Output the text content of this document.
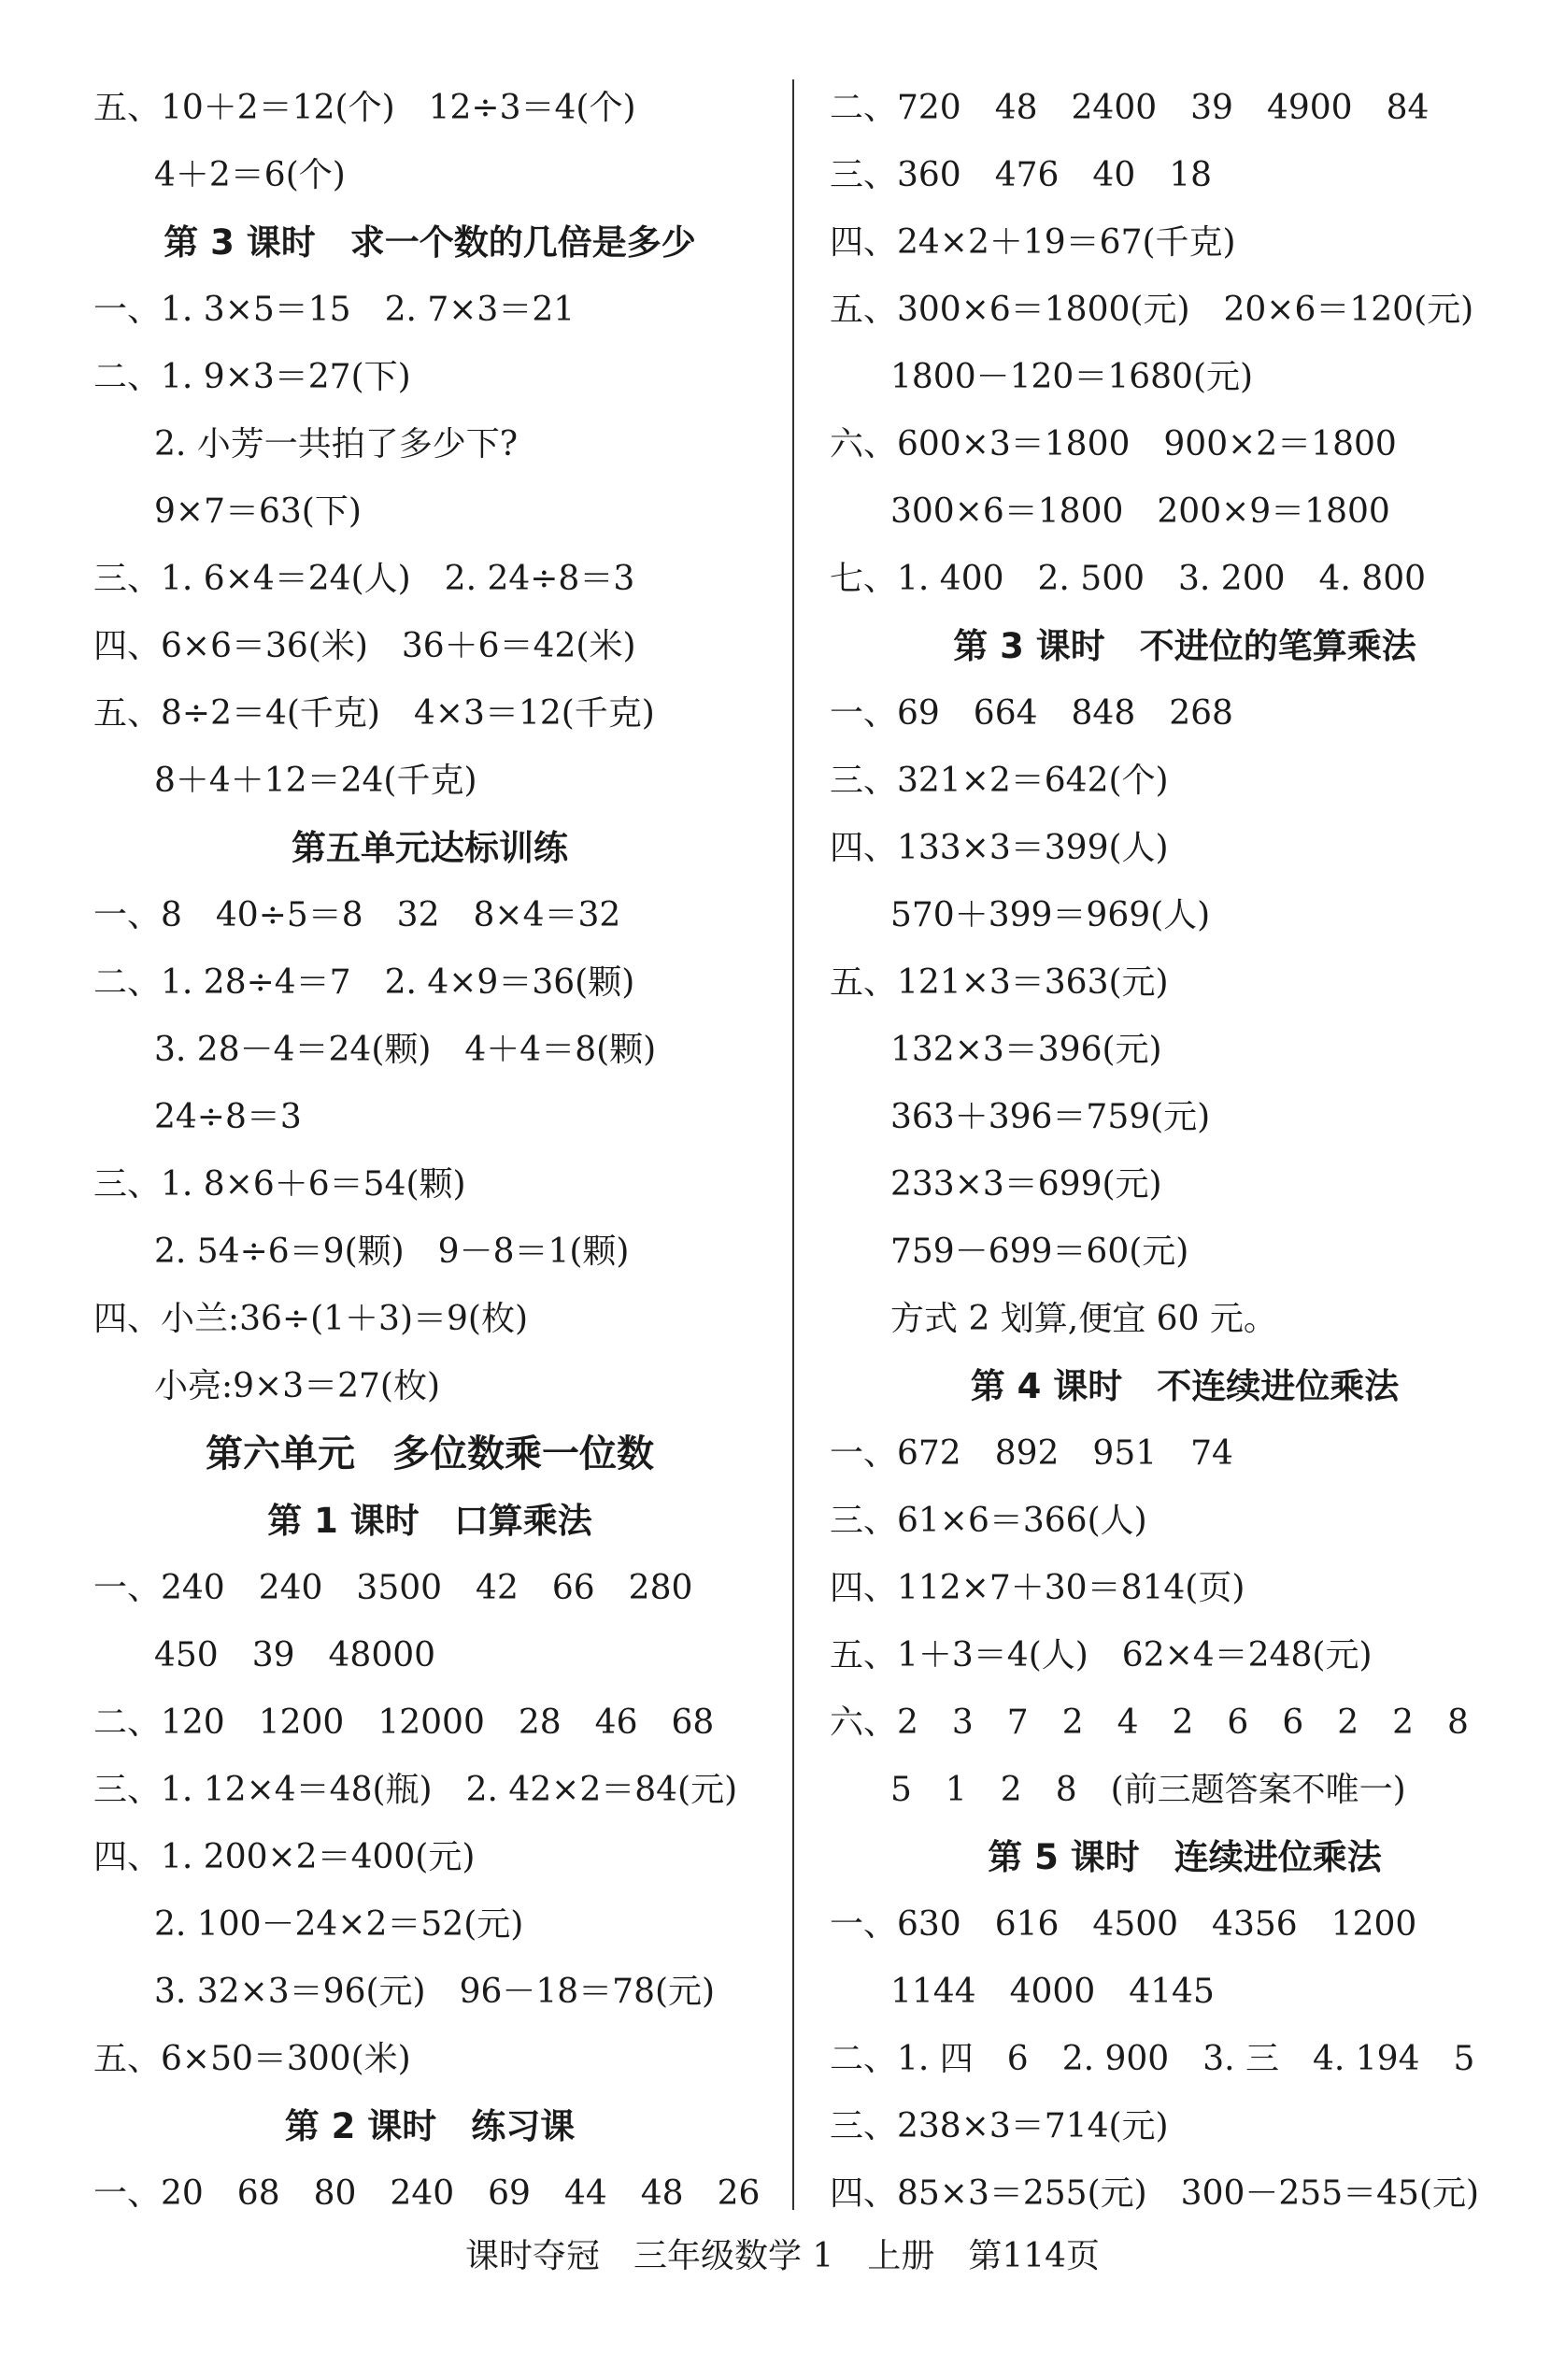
五、10＋2＝12(个)　12÷3＝4(个)
4＋2＝6(个)
第 3 课时　求一个数的几倍是多少
一、1. 3×5＝15　2. 7×3＝21
二、1. 9×3＝27(下)
2. 小芳一共拍了多少下?
9×7＝63(下)
三、1. 6×4＝24(人)　2. 24÷8＝3
四、6×6＝36(米)　36＋6＝42(米)
五、8÷2＝4(千克)　4×3＝12(千克)
8＋4＋12＝24(千克)
第五单元达标训练
一、8　40÷5＝8　32　8×4＝32
二、1. 28÷4＝7　2. 4×9＝36(颗)
3. 28－4＝24(颗)　4＋4＝8(颗)
24÷8＝3
三、1. 8×6＋6＝54(颗)
2. 54÷6＝9(颗)　9－8＝1(颗)
四、小兰:36÷(1＋3)＝9(枚)
小亮:9×3＝27(枚)
第六单元　多位数乘一位数
第 1 课时　口算乘法
一、240　240　3500　42　66　280
450　39　48000
二、120　1200　12000　28　46　68
三、1. 12×4＝48(瓶)　2. 42×2＝84(元)
四、1. 200×2＝400(元)
2. 100－24×2＝52(元)
3. 32×3＝96(元)　96－18＝78(元)
五、6×50＝300(米)
第 2 课时　练习课
一、20　68　80　240　69　44　48　26
二、720　48　2400　39　4900　84
三、360　476　40　18
四、24×2＋19＝67(千克)
五、300×6＝1800(元)　20×6＝120(元)
1800－120＝1680(元)
六、600×3＝1800　900×2＝1800
300×6＝1800　200×9＝1800
七、1. 400　2. 500　3. 200　4. 800
第 3 课时　不进位的笔算乘法
一、69　664　848　268
三、321×2＝642(个)
四、133×3＝399(人)
570＋399＝969(人)
五、121×3＝363(元)
132×3＝396(元)
363＋396＝759(元)
233×3＝699(元)
759－699＝60(元)
方式 2 划算,便宜 60 元。
第 4 课时　不连续进位乘法
一、672　892　951　74
三、61×6＝366(人)
四、112×7＋30＝814(页)
五、1＋3＝4(人)　62×4＝248(元)
六、2　3　7　2　4　2　6　6　2　2　8
5　1　2　8　(前三题答案不唯一)
第 5 课时　连续进位乘法
一、630　616　4500　4356　1200
1144　4000　4145
二、1. 四　6　2. 900　3. 三　4. 194　5
三、238×3＝714(元)
四、85×3＝255(元)　300－255＝45(元)
课时夺冠　三年级数学 1　上册　第114页
